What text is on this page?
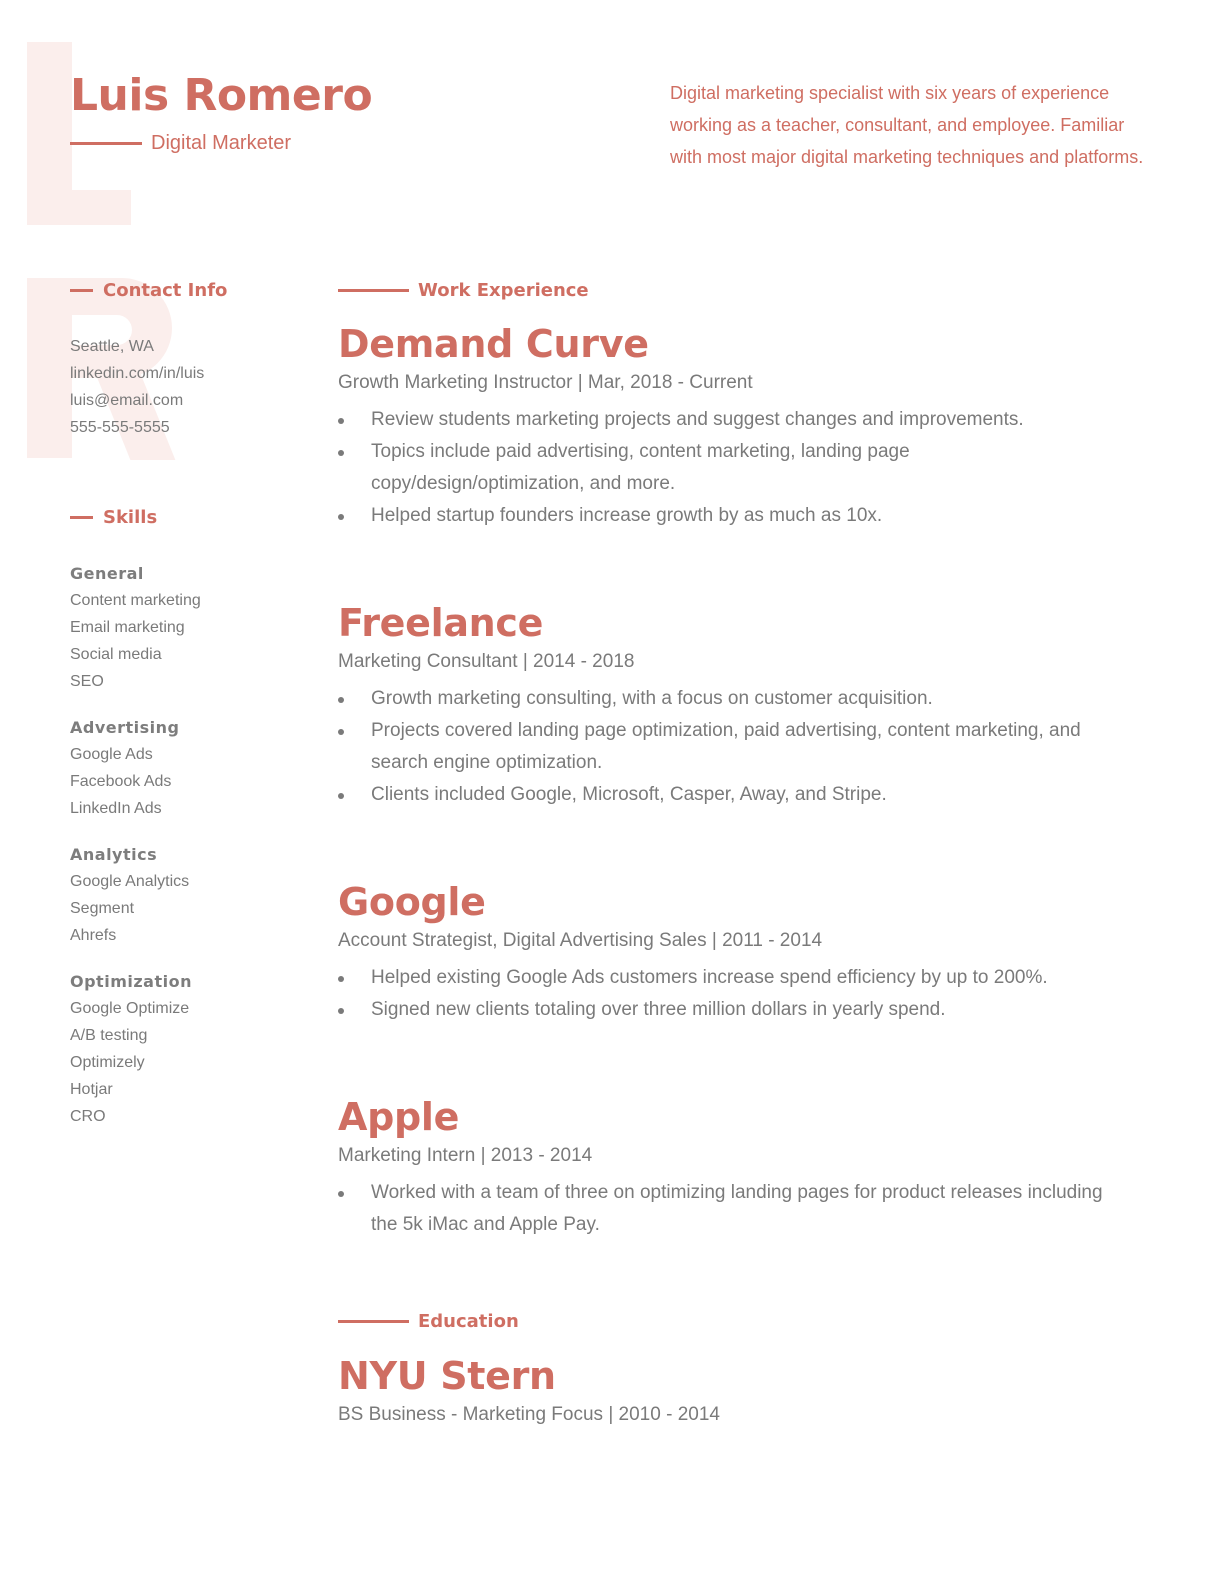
Luis Romero
Digital Marketer

Digital marketing specialist with six years of experience working as a teacher, consultant, and employee. Familiar with most major digital marketing techniques and platforms.

Contact Info
Seattle, WA
linkedin.com/in/luis
luis@email.com
555-555-5555
Skills
General
Content marketing
Email marketing
Social media
SEO
Advertising
Google Ads
Facebook Ads
LinkedIn Ads
Analytics
Google Analytics
Segment
Ahrefs
Optimization
Google Optimize
A/B testing
Optimizely
Hotjar
CRO
Work Experience
Demand Curve
Growth Marketing Instructor | Mar, 2018 - Current
Review students marketing projects and suggest changes and improvements.
Topics include paid advertising, content marketing, landing page copy/design/optimization, and more.
Helped startup founders increase growth by as much as 10x.
Freelance
Marketing Consultant | 2014 - 2018
Growth marketing consulting, with a focus on customer acquisition.
Projects covered landing page optimization, paid advertising, content marketing, and search engine optimization.
Clients included Google, Microsoft, Casper, Away, and Stripe.
Google
Account Strategist, Digital Advertising Sales | 2011 - 2014
Helped existing Google Ads customers increase spend efficiency by up to 200%.
Signed new clients totaling over three million dollars in yearly spend.
Apple
Marketing Intern | 2013 - 2014
Worked with a team of three on optimizing landing pages for product releases including the 5k iMac and Apple Pay.
Education
NYU Stern
BS Business - Marketing Focus | 2010 - 2014
